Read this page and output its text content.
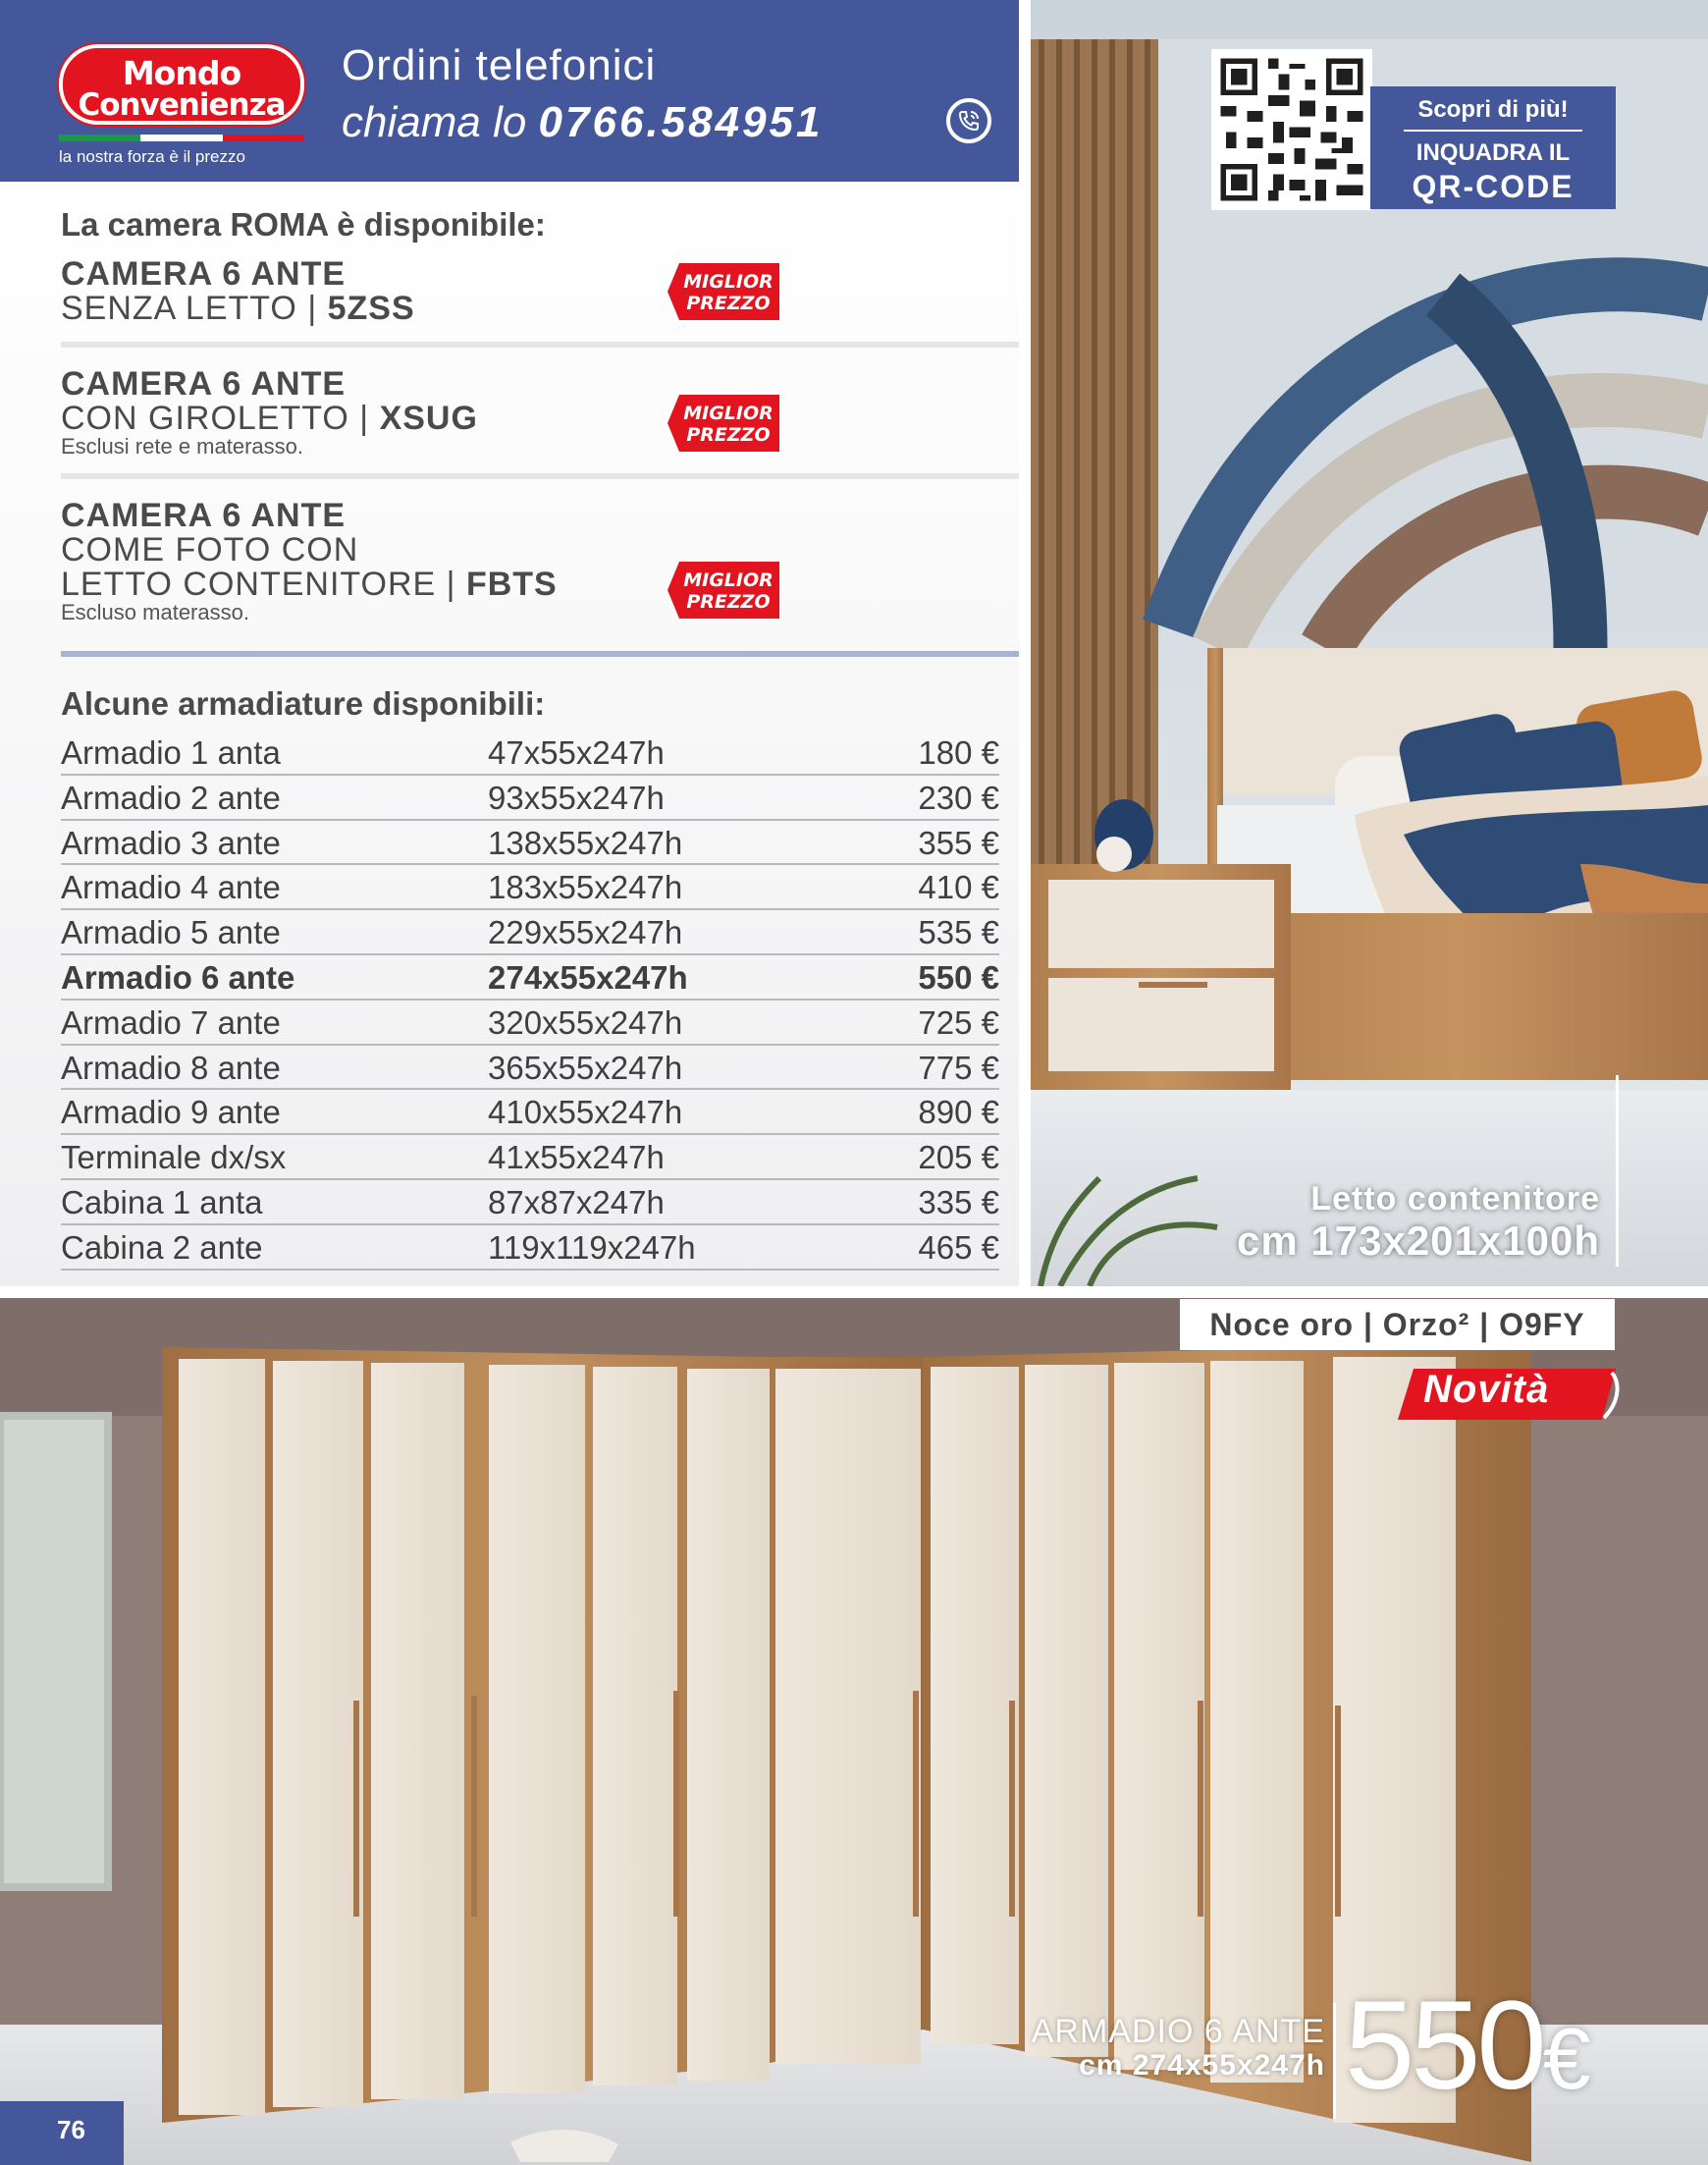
Mondo
Convenienza
la nostra forza è il prezzo
Ordini telefonici
chiama lo 0766.584951
La camera ROMA è disponibile:
CAMERA 6 ANTE
SENZA LETTO | 5ZSS
MIGLIOR
PREZZO
CAMERA 6 ANTE
CON GIROLETTO | XSUG
Esclusi rete e materasso.
MIGLIOR
PREZZO
CAMERA 6 ANTE
COME FOTO CON
LETTO CONTENITORE | FBTS
Escluso materasso.
MIGLIOR
PREZZO
Alcune armadiature disponibili:
Armadio 1 anta	47x55x247h	180 €
Armadio 2 ante	93x55x247h	230 €
Armadio 3 ante	138x55x247h	355 €
Armadio 4 ante	183x55x247h	410 €
Armadio 5 ante	229x55x247h	535 €
Armadio 6 ante	274x55x247h	550 €
Armadio 7 ante	320x55x247h	725 €
Armadio 8 ante	365x55x247h	775 €
Armadio 9 ante	410x55x247h	890 €
Terminale dx/sx	41x55x247h	205 €
Cabina 1 anta	87x87x247h	335 €
Cabina 2 ante	119x119x247h	465 €
Scopri di più!
INQUADRA IL
QR-CODE
Letto contenitore
cm 173x201x100h
Noce oro | Orzo² | O9FY
Novità
ARMADIO 6 ANTE
cm 274x55x247h 550€
76
